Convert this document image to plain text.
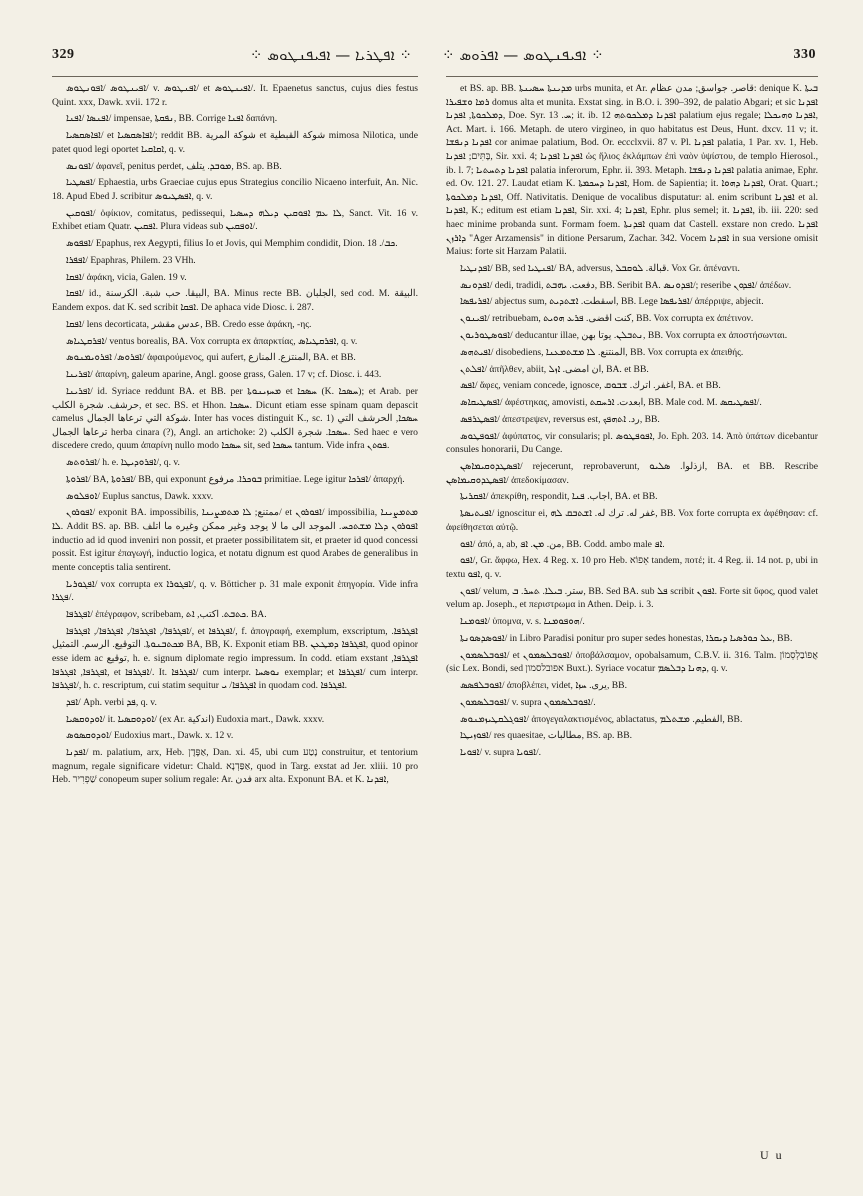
329	⁘ ܐܦܛܪܝܐ — ܐܦܝܦܢܛܘܣ ⁘ ⁘ ܐܦܝܦܢܛܘܣ — ܐܦܪܘܣ ⁘	330

ܐܦܝܢܛܘܣ /ܐܦܘܢܛܘܣ/ v. ܐܦܢܛܘܣ/ et ܐܦܝܢܛܘܣ/. It. Epaenetus sanctus, cujus dies festus Quint. xxx, Dawk. xvii. 172 r.

ܐܦܢܣܐ /ܐܦܢܐ/ impensae, ܢܦܩܬܐ, BB. Corrige ܐܦܢܐ δαπάνη.

ܐܦܐܣܩܣܝܐ/ et ܐܦܐܣܩܣܝܐ/; reddit BB. شوكة المرية et شوكة القبطية mimosa Nilotica, unde patet quod legi oportet ܐܩܐܩܝܐ, q. v.

ܐܦܘܢܣ/ ἀφανεῖ, penitus perdet, ܡܘܒܕ. يتلف, BS. ap. BB.

ܐܦܣܛܝܐ/ Ephaestia, urbs Graeciae cujus epus Strategius concilio Nicaeno interfuit, An. Nic. 18. Apud Ebed J. scribitur ܐܦܣܛܝܘܣ, q. v.

ܐܦܘܩܝܢ/ ὀφίκιον, comitatus, pedissequi, ܠܐ ܥܡ ܐܦܘܩܝܢ ܕܝܠܗ ܕܚܣܝܐ, Sanct. Vit. 16 v. Exhibet etiam Quatr. ܐܦܩܝܢ. Plura videas sub ܐܘܦܩܝܢ/.

ܐܦܦܘܣ/ Epaphus, rex Aegypti, filius Io et Jovis, qui Memphim condidit, Dion. ܟܒ/. 18.

ܐܦܦܪܐ/ Epaphras, Philem. 23 VHh.

ܐܦܩܐ/ ἀφάκη, vicia, Galen. 19 v.

ܐܦܩܐ/ id., البيقا. حب شبة. الكرسنة, BA. Minus recte BB. الجلبان, sed cod. M. البيقة. Eandem expos. dat K. sed scribit ܐܦܩܐ. De aphaca vide Diosc. i. 287.

ܐܦܩܐ/ lens decorticata, عدس مقشر, BB. Credo esse ἀφάκη, -ης.

ܐܦܪܩܛܝܐܣ/ ventus borealis, BA. Vox corrupta ex ἀπαρκτίας, ܐܦܪܩܛܝܐܣ, q. v.

ܐܦܪܘܣ/ ܐܦܪܘܝܡܢܘܣ/ ἀφαιρούμενος, qui aufert, المنتزع. المنازع, BA. et BB.

ܐܦܪܝܢܐ/ ἀπαρίνη, galeum aparine, Angl. goose grass, Galen. 17 v; cf. Diosc. i. 443.

ܐܦܪܝܢܐ/ id. Syriace reddunt BA. et BB. per ܡܚܙܝܢܘܬܐ et ܚܣܟܐ (K. ܚܣܟܐ); et Arab. per حرشف. شجرة الكلب, et sec. BS. et Hhon. ܚܣܟܐ. Dicunt etiam esse spinam quam depascit camelus شوكة التي ترعاها الجمال. Inter has voces distinguit K., sc. 1) ܚܣܟܐ, الحرشف التي ترعاها الجمال herba cinara (?), Angl. an artichoke: 2) ܚܣܟܐ. شجرة الكلب. Sed haec e vero discedere credo, quum ἀπαρίνη nullo modo ܚܣܟܐ sit, sed ܚܣܟܐ tantum. Vide infra ܦܘܬܢ.

ܐܦܪܘܬܣ/ h. e. ܐܦܪܘܕܝܛܐ/, q. v.

ܐܦܪܘܬܐ/ BA, ܐܦܪܘܬܐ/ BB, qui exponunt ܒܘܟܪܐ. مرفوع primitiae. Lege igitur ܐܦܪܟܐ/ ἀπαρχή.

ܐܘܦܠܘܣ/ Euplus sanctus, Dawk. xxxv.

ܐܦܘܪܘܢ/ exponit BA. impossibilis, ممتنع; ܠܐ ܡܬܡܨܝܢܐ/ et ܐܦܘܪܘܢ/ impossibilia, ܡܬܡܨܝܢܐ ܠܐ. Addit BS. ap. BB. ܐܦܘܪܘܢ ܕܠܐ ܡܫܬܟܚ. الموجد الى ما لا يوجد وغير ممكن وغيره ما اتلف inductio ad id quod inveniri non possit, et praeter possibilitatem sit, et praeter id quod concessi possit. Est igitur ἐπαγωγή, inductio logica, et notatu dignum est quod Arabes de generalibus in mente conceptis talia sentirent.

ܐܦܓܘܪܝܐ/ vox corrupta ex ܐܦܓܘܪܐ/, q. v. Bötticher p. 31 male exponit ἐπηγορία. Vide infra ܦܓܪܐ/.

ܐܦܓܪܦܐ/ ἐπέγραφον, scribebam, ܟܬܒܬ. اكتب, ܐܬ. BA.

ܐܦܓܪܦܐ/, ܐܦܓܪܦܐ/, ܐܦܓܪܦܐ/, ܐܦܓܪܦܐ/, et ܐܦܓܪܦܐ/, f. ἀπογραφή, exemplum, exscriptum, ܐܦܓܪܦܐ. ܡܟܬܒܢܘܬܐ. التوقيع. الرسم. التمثيل BA, BB, K. Exponit etiam BB. ܐܦܓܪܦܐ ܕܡܛܥܢ, quod opinor esse idem ac توقيع, h. e. signum diplomate regio impressum. In codd. etiam exstant ܐܦܓܪܦܐ, ܐܦܓܪܦܐ, ܐܦܓܪܦܐ, et ܐܦܓܪܦܐ/. It. ܐܦܓܪܦܐ/ cum interpr. ܢܘܣܚܐ exemplar; et ܐܦܓܪܦܐ/ cum interpr. ܐܦܓܪܦܐ/, h. c. rescriptum, cui statim sequitur ܐܦܓܪܦܐ/ ܝ in quodam cod. ܐܦܓܪܦܐ.

ܐܦܕ/ Aph. verbi ܦܕ, q. v.

ܐܘܕܘܩܣܝܐ/ it. ܐܘܕܘܩܣܝܐ/ (ex Ar. اندكية) Eudoxia mart., Dawk. xxxv.

ܐܘܕܘܩܣܘܣ/ Eudoxius mart., Dawk. x. 12 v.

ܐܦܕܢܐ/ m. palatium, arx, Heb. אַפֶּדֶן, Dan. xi. 45, ubi cum נָטַע construitur, et tentorium magnum, regale significare videtur: Chald. אַפַּדְנָא, quod in Targ. exstat ad Jer. xliii. 10 pro Heb. שַׁפְרִיר conopeum super solium regale: Ar. فدن arx alta. Exponunt BA. et K. ܐܦܕܢܐ,

et BS. ap. BB. ܡܕܝܢܬܐ ܚܣܝܢܬܐ urbs munita, et Ar. قاصر. جواسق; مدن عظام: denique K. ܒܝܬܐ ܪܡܐ ܘܫܦܝܪܐ domus alta et munita. Exstat sing. in B.O. i. 390–392, de palatio Abgari; et sic ܐܦܕܢܐ ܕܡܠܟܘܬܐ, ܐܦܕܢܐ, Doe. Syr. ܚ. 13; it. ib. 12 ܐܦܕܢܐ ܕܡܠܟܘܬܗ palatium ejus regale; ܐܦܕܢܐ ܘܗܝܟܠܐ, Act. Mart. i. 166. Metaph. de utero virgineo, in quo habitatus est Deus, Hunt. dxcv. 11 v; it. ܐܦܕܢܐ ܕܢܦܫܐ cor animae palatium, Bod. Or. eccclxvii. 87 v. Pl. ܐܦܕܢܐ palatia, 1 Par. xv. 1, Heb. בָּתִּים; ܐܦܕܢܐ, Sir. xxi. 4; ܐܦܕܢܐ ܐܦܕܢܐ ὡς ἥλιος ἐκλάμπων ἐπὶ ναὸν ὑψίστου, de templo Hierosol., ib. l. 7; ܐܦܕܢܐ ܕܬܚܬܝܐ palatia inferorum, Ephr. ii. 393. Metaph. ܐܦܕܢܐ ܕܢܦܫܐ palatia animae, Ephr. ed. Ov. 121. 27. Laudat etiam K. ܐܦܕܢܐ ܕܚܟܡܬܐ, Hom. de Sapientia; it. ܐܦܕܢܐ ܕܗܘܐ, Orat. Quart.; ܐܦܕܢܐ ܕܡܠܟܘܬܐ, Off. Nativitatis. Denique de vocalibus disputatur: al. enim scribunt ܐܦܕܢܐ et al. ܐܦܕܢܐ, K.; editum est etiam ܐܦܕܢܐ, Sir. xxi. 4; ܐܦܕܢܐ, Ephr. plus semel; it. ܐܦܕܢܐ, ib. iii. 220: sed haec minime probanda sunt. Formam foem. ܐܦܕܢܬܐ quam dat Castell. exstare non credo. ܐܦܕܢܐ ܕܐܪܙܢ "Ager Arzamensis" in ditione Persarum, Zachar. 342. Vocem ܐܦܕܢܐ in sua versione omisit Maius: forte sit Harzam Palatii.

ܐܦܕܢܛܝܐ/ BB, sed ܐܦܢܛܝܐ/ BA, adversus, قبالة. ܠܘܩܒܠ. Vox Gr. ἀπέναντι.

ܐܦܕܘܢܣ/ dedi, tradidi, دفعت. ܝܗܒܬ, BB. Seribit BA. ܐܦܕܘܢܣ/; reseribe ܐܦܕܘܢ/ ἀπέδων.

ܐܦܪܝܦܣܐ/ abjectus sum, اسقطت. ܐܫܬܕܝܬ, BB. Lege ܐܦܪܝܦܣܐ/ ἀπέρριψε, abjecit.

ܐܦܝܢܘܢ/ retribuebam, كنت اقضى. ܦܪܥ ܗܘܝܬ, BB. Vox corrupta ex ἀπέτινον.

ܐܦܘܣܛܘܪܝܘܢ/ deducantur illae, ܢܬܒܠܢ. يوتا بهن, BB. Vox corrupta ex ἀποστήσωνται.

ܐܦܝܬܗܣ/ disobediens, المنتنع. ܠܐ ܡܫܬܡܥܢܐ, BB. Vox corrupta ex ἀπειθής.

ܐܦܠܬܢ/ ἀπῆλθεν, abiit, ان امضى. ܐܙܠ, BA. et BB.

ܐܦܣ/ ἄφες, veniam concede, ignosce, اغفر. اترك. ܫܒܘܩ, BA. et BB.

ܐܦܣܛܝܩܐܣ/ ἀφέστηκας, amovisti, ابعدت. ܐܪܚܩܬ, BB. Male cod. M. ܐܦܣܛܝܩܣ/.

ܐܦܣܛܪܦܣ/ ἀπεστρεψεν, reversus est, رد. ܐܬܗܦܟ, BB.

ܐܦܘܦܛܘܣ/ ἀφύπατος, vir consularis; pl. ܐܦܘܦܛܘܣ, Jo. Eph. 203. 14. Ἀπὸ ὑπάτων dicebantur consules honorarii, Du Cange.

ܐܦܣܛܕܘܩܝܡܐܣܢ/ rejecerunt, reprobaverunt, ازذلوا. ܣܠܝܘ, BA. et BB. Rescribe ܐܦܣܛܕܘܩܝܡܐܣܢ/ ἀπεδοκίμασαν.

ܐܦܩܪܝܬܐ/ ἀπεκρίθη, respondit, اجاب. ܦܢܐ, BA. et BB.

ܐܦܝܬܝܣܬܐ/ ignoscitur ei, غفر له. ترك له. ܐܫܬܒܩ ܠܗ, BB. Vox forte corrupta ex ἀφέθησαν: cf. ἀφείθησεται αὐτῷ.

ܐܦܘ/ ἀπό, a, ab, من. ܡܢ. ܐܦ, BB. Codd. ambo male ܐܦ.

ܐܦܘ/, Gr. ἄφφω, Hex. 4 Reg. x. 10 pro Heb. אֵפוֹא tandem, ποτέ; it. 4 Reg. ii. 14 not. p, ubi in textu ܐܦܘ, q. v.

ܐܦܘܢ/ velum, ستر. ܒܝܠܐ. ܬܚܪ. ܒ, BB. Sed BA. sub ܦܠ scribit ܐܦܘܢ. Forte sit ὕφος, quod valet velum ap. Joseph., et περιστρωμα in Athen. Deip. i. 3.

ܐܦܘܡܢܐ/ ὑπομνα, v. s. ܗܘܦܘܡܢܐ/.

ܐܦܘܣܕܣܘܢܬܐ/ in Libro Paradisi ponitur pro super sedes honestas, ܥܠ ܟܘܪܣܝܐ ܕܝܩܪܐ, BB.

ܐܦܘܒܠܣܡܘܢ/ et ܐܦܘܒܠܣܡܘܢ/ ὀποβάλσαμον, opobalsamum, C.B.V. ii. 316. Talm. אֲפוֹבַלְסְמוֹן (sic Lex. Bondi, sed אפובלסמון Buxt.). Syriace vocatur ܕܗܢܐ ܕܒܠܣܡ, q. v.

ܐܦܘܒܠܦܣܣ/ ἀποβλέπει, videt, يرى. ܚܙܐ, BB.

ܐܦܘܒܠܣܡܘܢ/ v. supra ܐܦܘܒܠܣܡܘܢ/.

ܐܦܘܓܠܩܛܝܙܡܢܘܣ/ ἀπογεγαλακτισμένος, ablactatus, الفطيم. ܡܫܬܠܡ, BB.

ܐܦܘܙܝܛܐ/ res quaesitae, مطالبات, BS. ap. BB.

ܐܦܘܝܐ/ v. supra ܐܦܘܝܐ/.

U u
